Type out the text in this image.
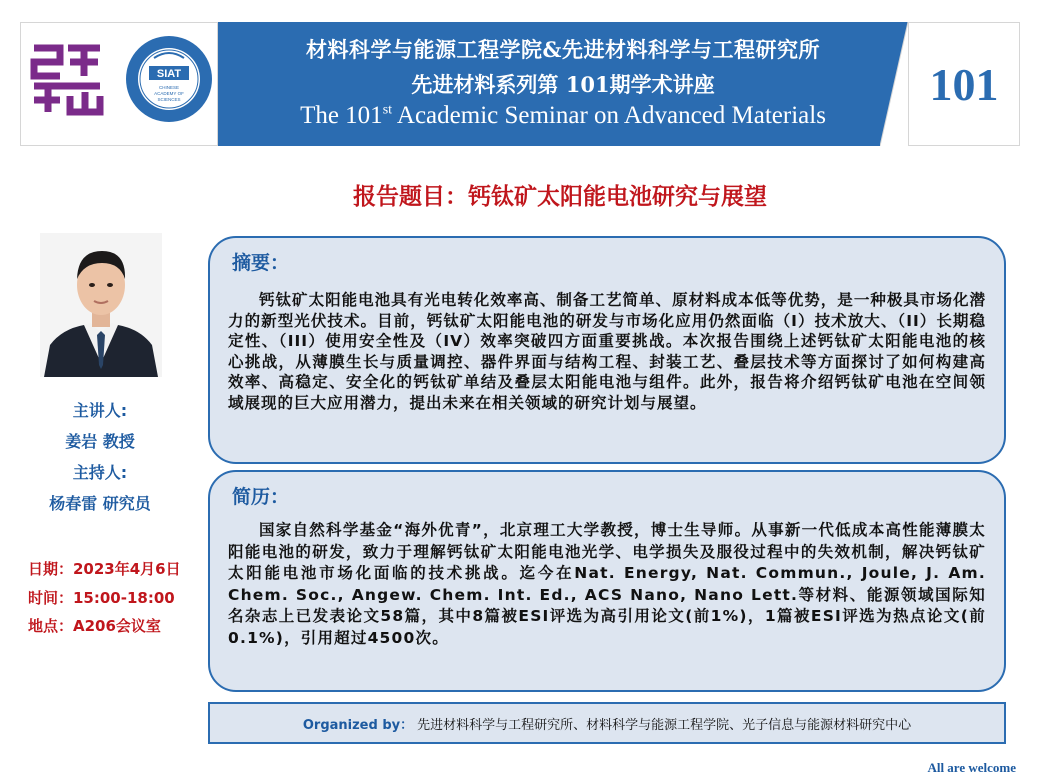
SIAT
CHINESE
ACADEMY OF
SCIENCES
材料科学与能源工程学院&先进材料科学与工程研究所
先进材料系列第 101期学术讲座
The 101st Academic Seminar on Advanced Materials
101
报告题目：钙钛矿太阳能电池研究与展望
主讲人:
姜岩 教授
主持人:
杨春雷 研究员
日期：2023年4月6日
时间：15:00-18:00
地点：A206会议室
摘要：
钙钛矿太阳能电池具有光电转化效率高、制备工艺简单、原材料成本低等优势，是一种极具市场化潜力的新型光伏技术。目前，钙钛矿太阳能电池的研发与市场化应用仍然面临（I）技术放大、（II）长期稳定性、（III）使用安全性及（IV）效率突破四方面重要挑战。本次报告围绕上述钙钛矿太阳能电池的核心挑战，从薄膜生长与质量调控、器件界面与结构工程、封装工艺、叠层技术等方面探讨了如何构建高效率、高稳定、安全化的钙钛矿单结及叠层太阳能电池与组件。此外，报告将介绍钙钛矿电池在空间领域展现的巨大应用潜力，提出未来在相关领域的研究计划与展望。
简历：
国家自然科学基金“海外优青”，北京理工大学教授，博士生导师。从事新一代低成本高性能薄膜太阳能电池的研发，致力于理解钙钛矿太阳能电池光学、电学损失及服役过程中的失效机制，解决钙钛矿太阳能电池市场化面临的技术挑战。迄今在Nat. Energy, Nat. Commun., Joule, J. Am. Chem. Soc., Angew. Chem. Int. Ed., ACS Nano, Nano Lett.等材料、能源领域国际知名杂志上已发表论文58篇，其中8篇被ESI评选为高引用论文(前1%)，1篇被ESI评选为热点论文(前0.1%)，引用超过4500次。
Organized by： 先进材料科学与工程研究所、材料科学与能源工程学院、光子信息与能源材料研究中心
All are welcome
